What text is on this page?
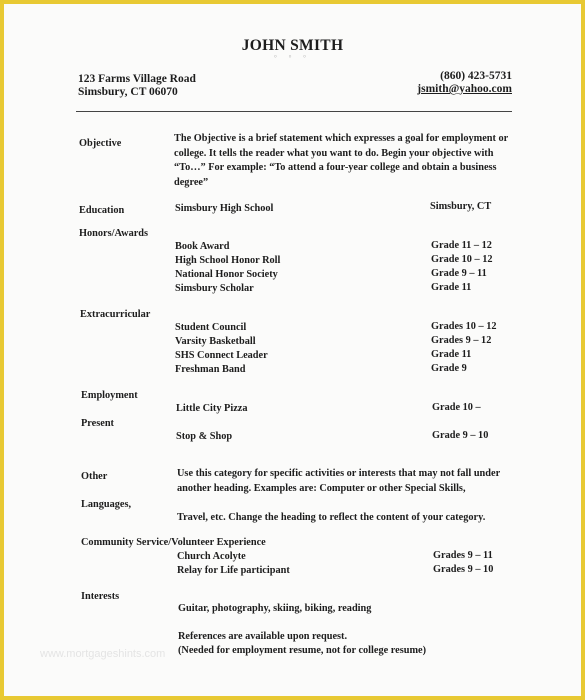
JOHN SMITH
° ° °
123 Farms Village Road
Simsbury, CT 06070
(860) 423-5731
jsmith@yahoo.com
Objective	The Objective is a brief statement which expresses a goal for employment or college. It tells the reader what you want to do. Begin your objective with “To…” For example: “To attend a four-year college and obtain a business degree”
Education	Simsbury High School	Simsbury, CT
Honors/Awards
Book Award	Grade 11 – 12
High School Honor Roll	Grade 10 – 12
National Honor Society	Grade 9 – 11
Simsbury Scholar	Grade 11
Extracurricular
Student Council	Grades 10 – 12
Varsity Basketball	Grades 9 – 12
SHS Connect Leader	Grade 11
Freshman Band	Grade 9
Employment
Little City Pizza	Grade 10 –
Present
Stop & Shop	Grade 9 – 10
Other	Use this category for specific activities or interests that may not fall under another heading. Examples are: Computer or other Special Skills,
Languages,
Travel, etc. Change the heading to reflect the content of your category.
Community Service/Volunteer Experience
Church Acolyte	Grades 9 – 11
Relay for Life participant	Grades 9 – 10
Interests
Guitar, photography, skiing, biking, reading
References are available upon request.
(Needed for employment resume, not for college resume)
www.mortgageshints.com
